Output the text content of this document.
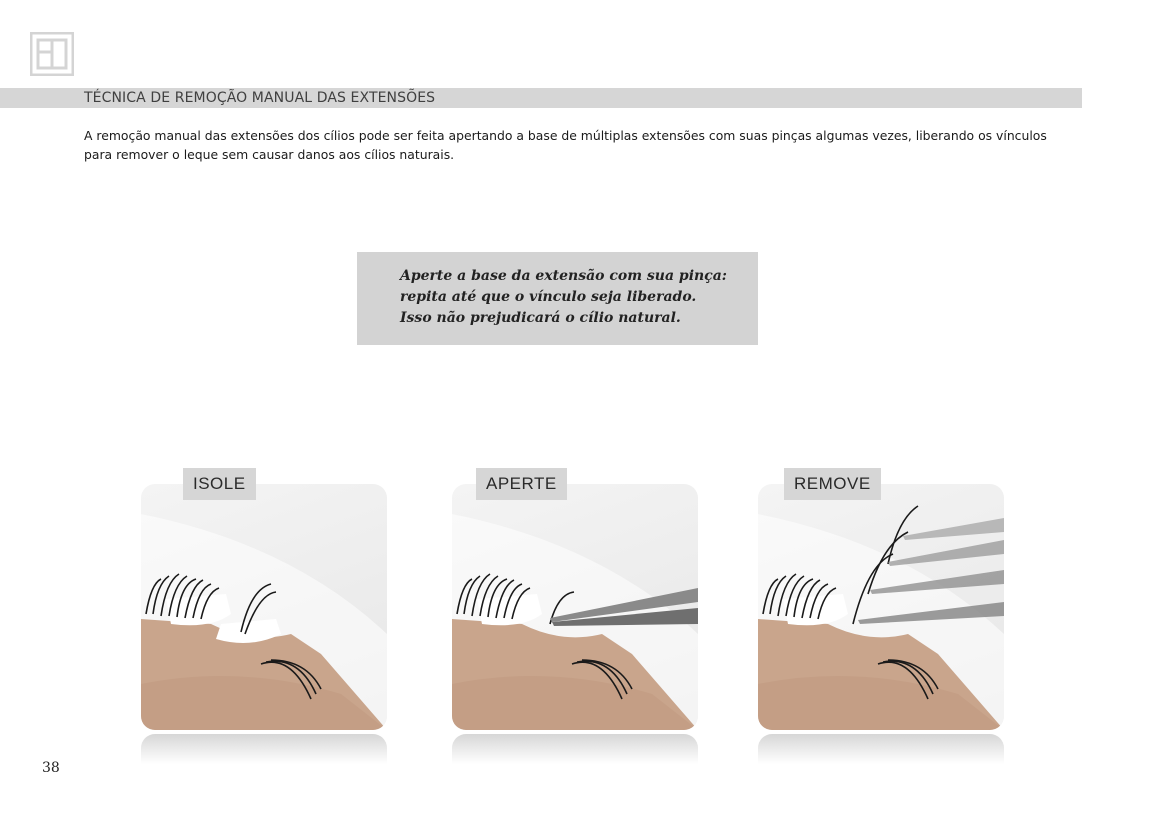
TÉCNICA DE REMOÇÃO MANUAL DAS EXTENSÕES
A remoção manual das extensões dos cílios pode ser feita apertando a base de múltiplas extensões com suas pinças algumas vezes, liberando os vínculos para remover o leque sem causar danos aos cílios naturais.
Aperte a base da extensão com sua pinça:
repita até que o vínculo seja liberado.
Isso não prejudicará o cílio natural.
ISOLE	APERTE	REMOVE
38
